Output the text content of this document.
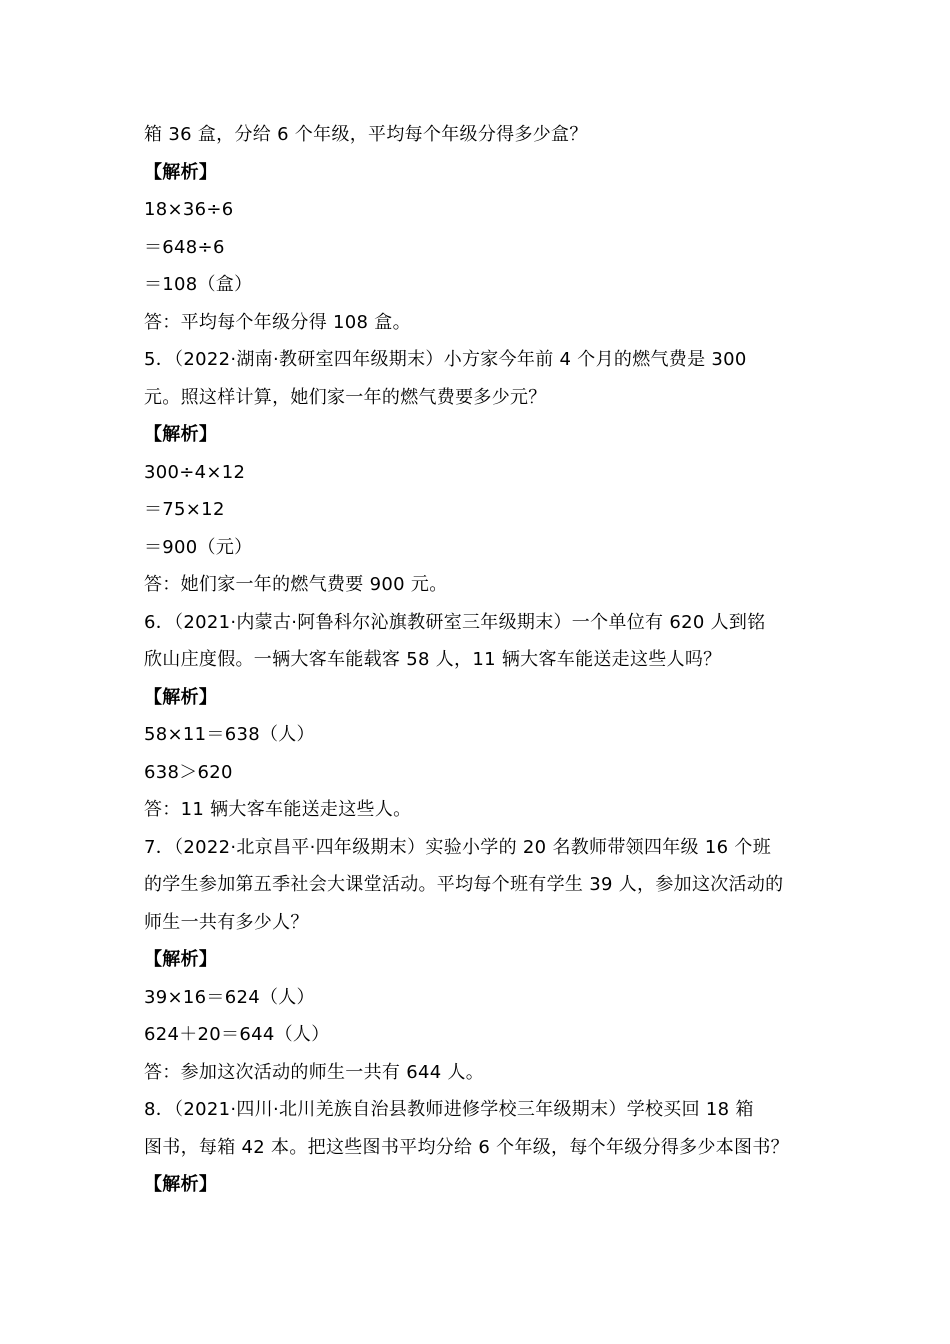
箱 36 盒，分给 6 个年级，平均每个年级分得多少盒？
【解析】
18×36÷6
＝648÷6
＝108（盒）
答：平均每个年级分得 108 盒。
5．（2022·湖南·教研室四年级期末）小方家今年前 4 个月的燃气费是 300
元。照这样计算，她们家一年的燃气费要多少元？
【解析】
300÷4×12
＝75×12
＝900（元）
答：她们家一年的燃气费要 900 元。
6．（2021·内蒙古·阿鲁科尔沁旗教研室三年级期末）一个单位有 620 人到铭
欣山庄度假。一辆大客车能载客 58 人，11 辆大客车能送走这些人吗？
【解析】
58×11＝638（人）
638＞620
答：11 辆大客车能送走这些人。
7．（2022·北京昌平·四年级期末）实验小学的 20 名教师带领四年级 16 个班
的学生参加第五季社会大课堂活动。平均每个班有学生 39 人，参加这次活动的
师生一共有多少人？
【解析】
39×16＝624（人）
624＋20＝644（人）
答：参加这次活动的师生一共有 644 人。
8．（2021·四川·北川羌族自治县教师进修学校三年级期末）学校买回 18 箱
图书，每箱 42 本。把这些图书平均分给 6 个年级，每个年级分得多少本图书？
【解析】
